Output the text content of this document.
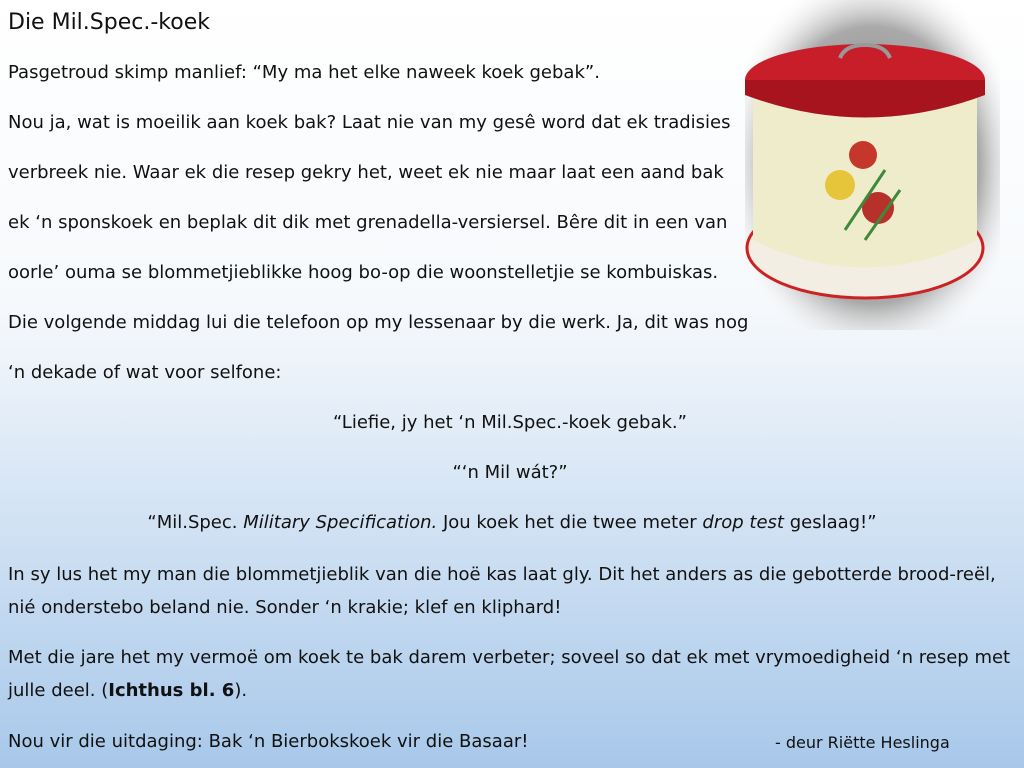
Die Mil.Spec.-koek
Pasgetroud skimp manlief: “My ma het elke naweek koek gebak”.
Nou ja, wat is moeilik aan koek bak? Laat nie van my gesê word dat ek tradisies
verbreek nie. Waar ek die resep gekry het, weet ek nie maar laat een aand bak
ek ‘n sponskoek en beplak dit dik met grenadella-versiersel. Bêre dit in een van
oorle’ ouma se blommetjieblikke hoog bo-op die woonstelletjie se kombuiskas.
Die volgende middag lui die telefoon op my lessenaar by die werk. Ja, dit was nog
‘n dekade of wat voor selfone:
“Liefie, jy het ‘n Mil.Spec.-koek gebak.”
“‘n Mil wát?”
“Mil.Spec. Military Specification. Jou koek het die twee meter drop test geslaag!”
In sy lus het my man die blommetjieblik van die hoë kas laat gly. Dit het anders as die gebotterde brood-reël,
nié onderstebo beland nie. Sonder ‘n krakie; klef en kliphard!
Met die jare het my vermoë om koek te bak darem verbeter; soveel so dat ek met vrymoedigheid ‘n resep met
julle deel. (Ichthus bl. 6).
Nou vir die uitdaging: Bak ‘n Bierbokskoek vir die Basaar!	- deur Riëtte Heslinga
